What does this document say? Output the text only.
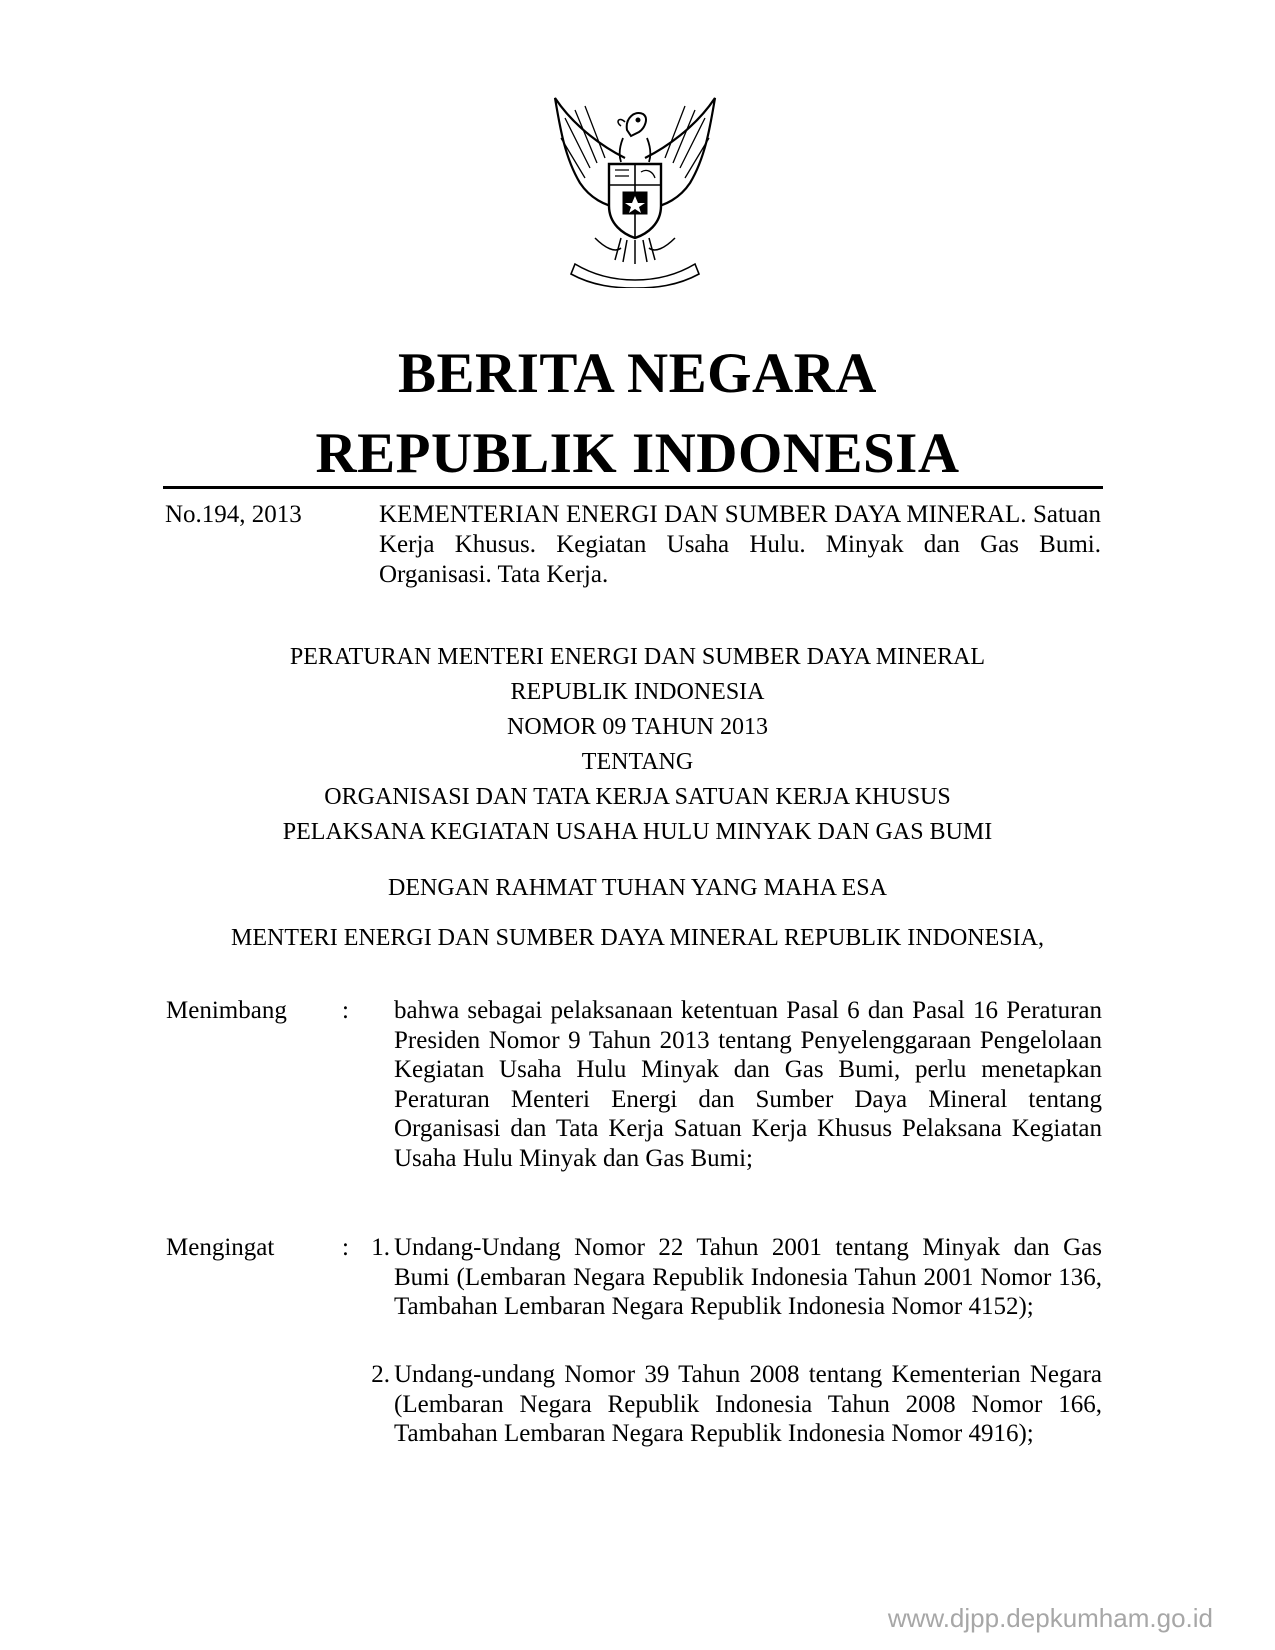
BERITA NEGARA
REPUBLIK INDONESIA
No.194, 2013	KEMENTERIAN ENERGI DAN SUMBER DAYA MINERAL. Satuan Kerja Khusus. Kegiatan Usaha Hulu. Minyak dan Gas Bumi. Organisasi. Tata Kerja.
PERATURAN MENTERI ENERGI DAN SUMBER DAYA MINERAL
REPUBLIK INDONESIA
NOMOR 09 TAHUN 2013
TENTANG
ORGANISASI DAN TATA KERJA SATUAN KERJA KHUSUS
PELAKSANA KEGIATAN USAHA HULU MINYAK DAN GAS BUMI
DENGAN RAHMAT TUHAN YANG MAHA ESA
MENTERI ENERGI DAN SUMBER DAYA MINERAL REPUBLIK INDONESIA,
Menimbang : bahwa sebagai pelaksanaan ketentuan Pasal 6 dan Pasal 16 Peraturan Presiden Nomor 9 Tahun 2013 tentang Penyelenggaraan Pengelolaan Kegiatan Usaha Hulu Minyak dan Gas Bumi, perlu menetapkan Peraturan Menteri Energi dan Sumber Daya Mineral tentang Organisasi dan Tata Kerja Satuan Kerja Khusus Pelaksana Kegiatan Usaha Hulu Minyak dan Gas Bumi;
Mengingat	: 1. Undang-Undang Nomor 22 Tahun 2001 tentang Minyak dan Gas Bumi (Lembaran Negara Republik Indonesia Tahun 2001 Nomor 136, Tambahan Lembaran Negara Republik Indonesia Nomor 4152);
2. Undang-undang Nomor 39 Tahun 2008 tentang Kementerian Negara (Lembaran Negara Republik Indonesia Tahun 2008 Nomor 166, Tambahan Lembaran Negara Republik Indonesia Nomor 4916);
www.djpp.depkumham.go.id
